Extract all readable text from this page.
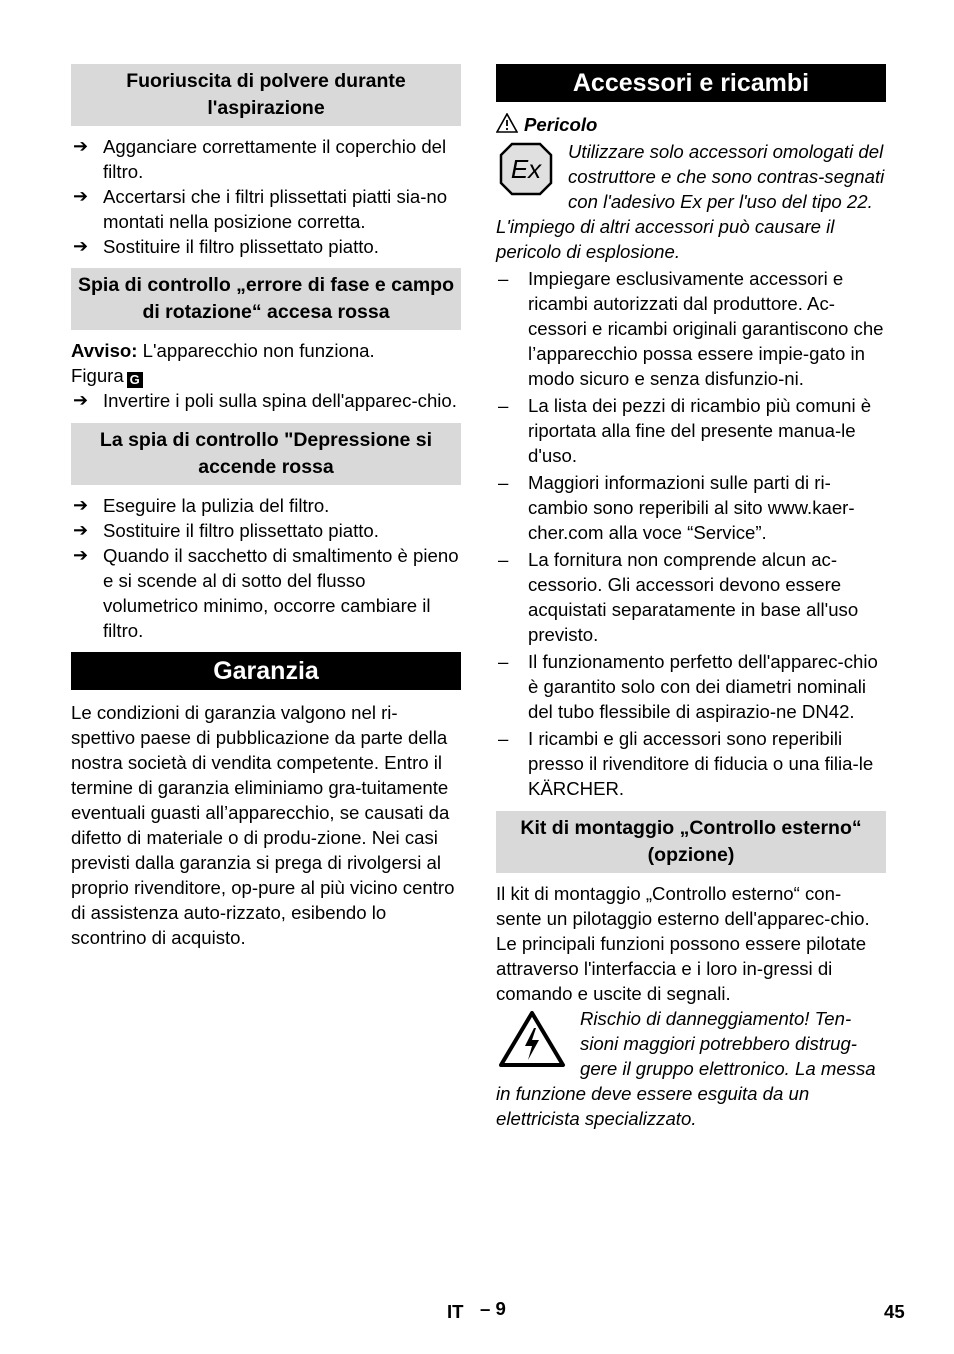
Fuoriuscita di polvere durante l'aspirazione
➔ Agganciare correttamente il coperchio del filtro.
➔ Accertarsi che i filtri plissettati piatti sia-no montati nella posizione corretta.
➔ Sostituire il filtro plissettato piatto.
Spia di controllo „errore di fase e campo di rotazione“ accesa rossa
Avviso: L'apparecchio non funziona.
Figura G
➔ Invertire i poli sulla spina dell'apparec-chio.
La spia di controllo "Depressione si accende rossa
➔ Eseguire la pulizia del filtro.
➔ Sostituire il filtro plissettato piatto.
➔ Quando il sacchetto di smaltimento è pieno e si scende al di sotto del flusso volumetrico minimo, occorre cambiare il filtro.
Garanzia

Le condizioni di garanzia valgono nel ri-spettivo paese di pubblicazione da parte della nostra società di vendita competente. Entro il termine di garanzia eliminiamo gra-tuitamente eventuali guasti all’apparecchio, se causati da difetto di materiale o di produ-zione. Nei casi previsti dalla garanzia si prega di rivolgersi al proprio rivenditore, op-pure al più vicino centro di assistenza auto-rizzato, esibendo lo scontrino di acquisto.

Accessori e ricambi
Pericolo
Ex
Utilizzare solo accessori omologati del costruttore e che sono contras-segnati con l'adesivo Ex per l'uso del tipo 22. L'impiego di altri accessori può causare il pericolo di esplosione.
– Impiegare esclusivamente accessori e ricambi autorizzati dal produttore. Ac-cessori e ricambi originali garantiscono che l’apparecchio possa essere impie-gato in modo sicuro e senza disfunzio-ni.
– La lista dei pezzi di ricambio più comuni è riportata alla fine del presente manua-le d'uso.
– Maggiori informazioni sulle parti di ri-cambio sono reperibili al sito www.kaer-cher.com alla voce “Service”.
– La fornitura non comprende alcun ac-cessorio. Gli accessori devono essere acquistati separatamente in base all'uso previsto.
– Il funzionamento perfetto dell'apparec-chio è garantito solo con dei diametri nominali del tubo flessibile di aspirazio-ne DN42.
– I ricambi e gli accessori sono reperibili presso il rivenditore di fiducia o una filia-le KÄRCHER.
Kit di montaggio „Controllo esterno“ (opzione)

Il kit di montaggio „Controllo esterno“ con-sente un pilotaggio esterno dell'apparec-chio. Le principali funzioni possono essere pilotate attraverso l'interfaccia e i loro in-gressi di comando e uscite di segnali.

Rischio di danneggiamento! Ten-sioni maggiori potrebbero distrug-gere il gruppo elettronico. La messa in funzione deve essere esguita da un elettricista specializzato.
IT – 9	45
